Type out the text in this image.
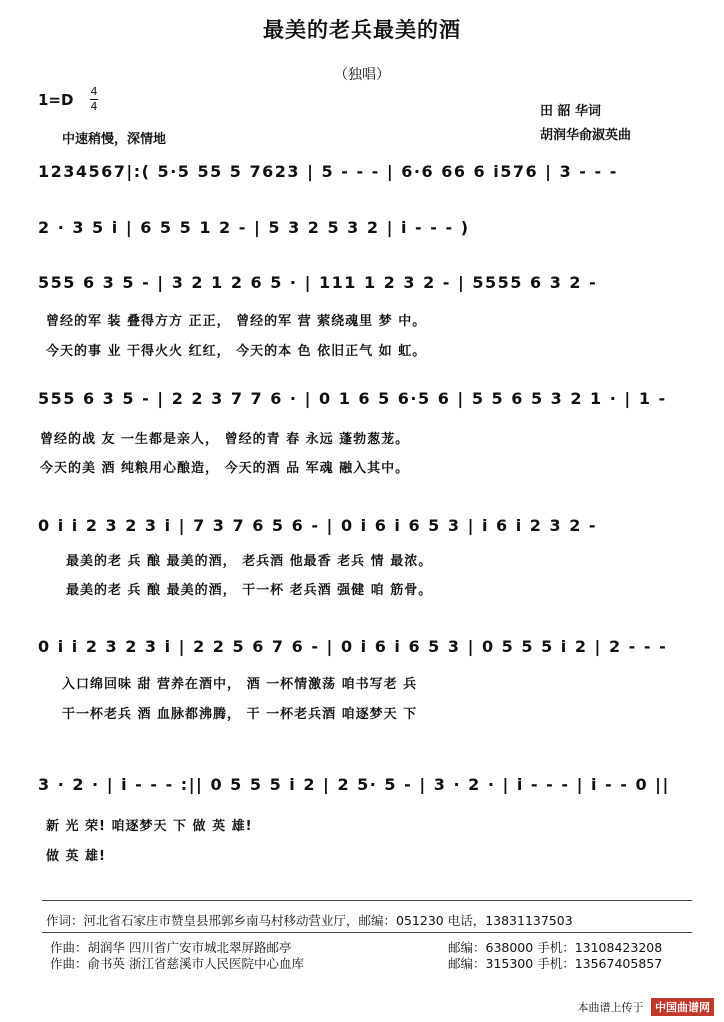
最美的老兵最美的酒
（独唱）
1=D 4
4
中速稍慢，深情地
田 韶 华词
胡润华俞淑英曲
1234567|:( 5·5 55 5 7623 | 5 - - - | 6·6 66 6 i576 | 3 - - -
2 · 3 5 i | 6 5 5 1 2 - | 5 3 2 5 3 2 | i - - - )
555 6 3 5 - | 3 2 1 2 6 5 · | 111 1 2 3 2 - | 5555 6 3 2 -
曾经的军 装 叠得方方 正正， 曾经的军 营 萦绕魂里 梦 中。
今天的事 业 干得火火 红红， 今天的本 色 依旧正气 如 虹。
555 6 3 5 - | 2 2 3 7 7 6 · | 0 1 6 5 6·5 6 | 5 5 6 5 3 2 1 · | 1 -
曾经的战 友 一生都是亲人， 曾经的青 春 永远 蓬勃葱茏。
今天的美 酒 纯粮用心酿造， 今天的酒 品 军魂 融入其中。
0 i i 2 3 2 3 i | 7 3 7 6 5 6 - | 0 i 6 i 6 5 3 | i 6 i 2 3 2 -
最美的老 兵 酿 最美的酒， 老兵酒 他最香 老兵 情 最浓。
最美的老 兵 酿 最美的酒， 干一杯 老兵酒 强健 咱 筋骨。
0 i i 2 3 2 3 i | 2 2 5 6 7 6 - | 0 i 6 i 6 5 3 | 0 5 5 5 i 2 | 2 - - -
入口绵回味 甜 营养在酒中， 酒 一杯情激荡 咱书写老 兵
干一杯老兵 酒 血脉都沸腾， 干 一杯老兵酒 咱逐梦天 下
3 · 2 · | i - - - :|| 0 5 5 5 i 2 | 2 5· 5 - | 3 · 2 · | i - - - | i - - 0 ||
新 光 荣! 咱逐梦天 下 做 英 雄!
做 英 雄!
作词：河北省石家庄市赞皇县邢郭乡南马村移动营业厅，邮编：051230 电话，13831137503
作曲：胡润华 四川省广安市城北翠屏路邮亭	邮编：638000 手机：13108423208
作曲：俞书英 浙江省慈溪市人民医院中心血库	邮编：315300 手机：13567405857
本曲谱上传于 中国曲谱网
